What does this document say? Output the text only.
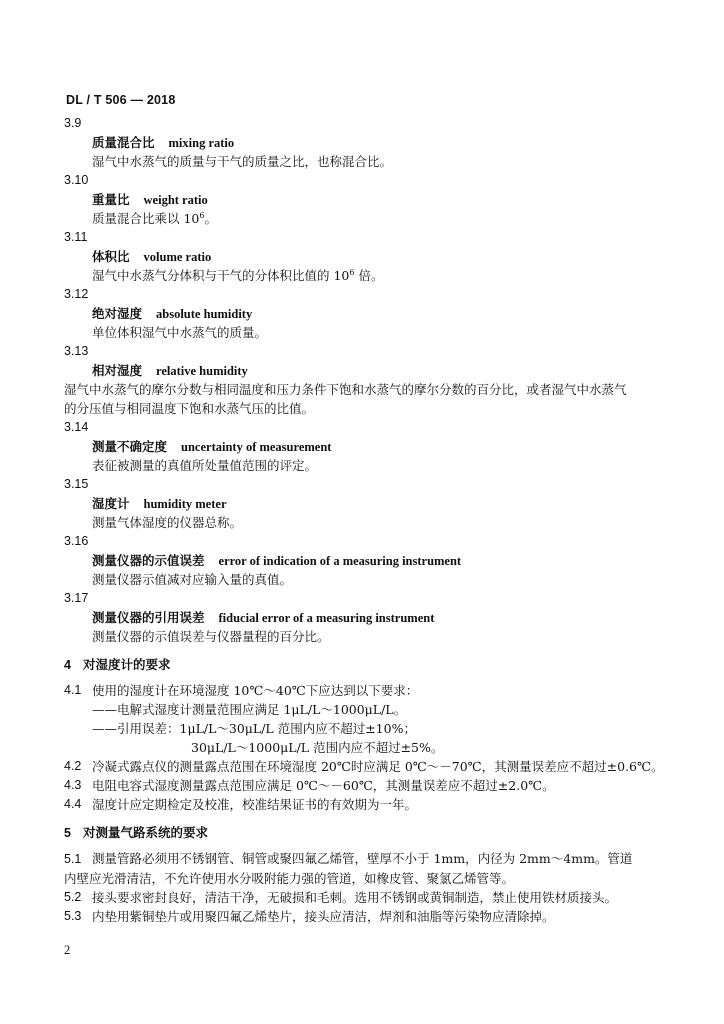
DL / T 506 — 2018
3.9
质量混合比 mixing ratio
湿气中水蒸气的质量与干气的质量之比，也称混合比。
3.10
重量比 weight ratio
质量混合比乘以 $10^6$。
3.11
体积比 volume ratio
湿气中水蒸气分体积与干气的分体积比值的 $10^6$ 倍。
3.12
绝对湿度 absolute humidity
单位体积湿气中水蒸气的质量。
3.13
相对湿度 relative humidity
湿气中水蒸气的摩尔分数与相同温度和压力条件下饱和水蒸气的摩尔分数的百分比，或者湿气中水蒸气的分压值与相同温度下饱和水蒸气压的比值。
3.14
测量不确定度 uncertainty of measurement
表征被测量的真值所处量值范围的评定。
3.15
湿度计 humidity meter
测量气体湿度的仪器总称。
3.16
测量仪器的示值误差 error of indication of a measuring instrument
测量仪器示值减对应输入量的真值。
3.17
测量仪器的引用误差 fiducial error of a measuring instrument
测量仪器的示值误差与仪器量程的百分比。
4 对湿度计的要求
4.1 使用的湿度计在环境湿度 10℃～40℃下应达到以下要求：
——电解式湿度计测量范围应满足 1μL/L～1000μL/L。
——引用误差：1μL/L～30μL/L 范围内应不超过±10%；
30μL/L～1000μL/L 范围内应不超过±5%。
4.2 冷凝式露点仪的测量露点范围在环境湿度 20℃时应满足 0℃～－70℃，其测量误差应不超过±0.6℃。
4.3 电阻电容式湿度测量露点范围应满足 0℃～－60℃，其测量误差应不超过±2.0℃。
4.4 湿度计应定期检定及校准，校准结果证书的有效期为一年。
5 对测量气路系统的要求
5.1 测量管路必须用不锈钢管、铜管或聚四氟乙烯管，壁厚不小于 1mm，内径为 2mm～4mm。管道内壁应光滑清洁，不允许使用水分吸附能力强的管道，如橡皮管、聚氯乙烯管等。
5.2 接头要求密封良好，清洁干净，无破损和毛刺。选用不锈钢或黄铜制造，禁止使用铁材质接头。
5.3 内垫用紫铜垫片或用聚四氟乙烯垫片，接头应清洁，焊剂和油脂等污染物应清除掉。
2
